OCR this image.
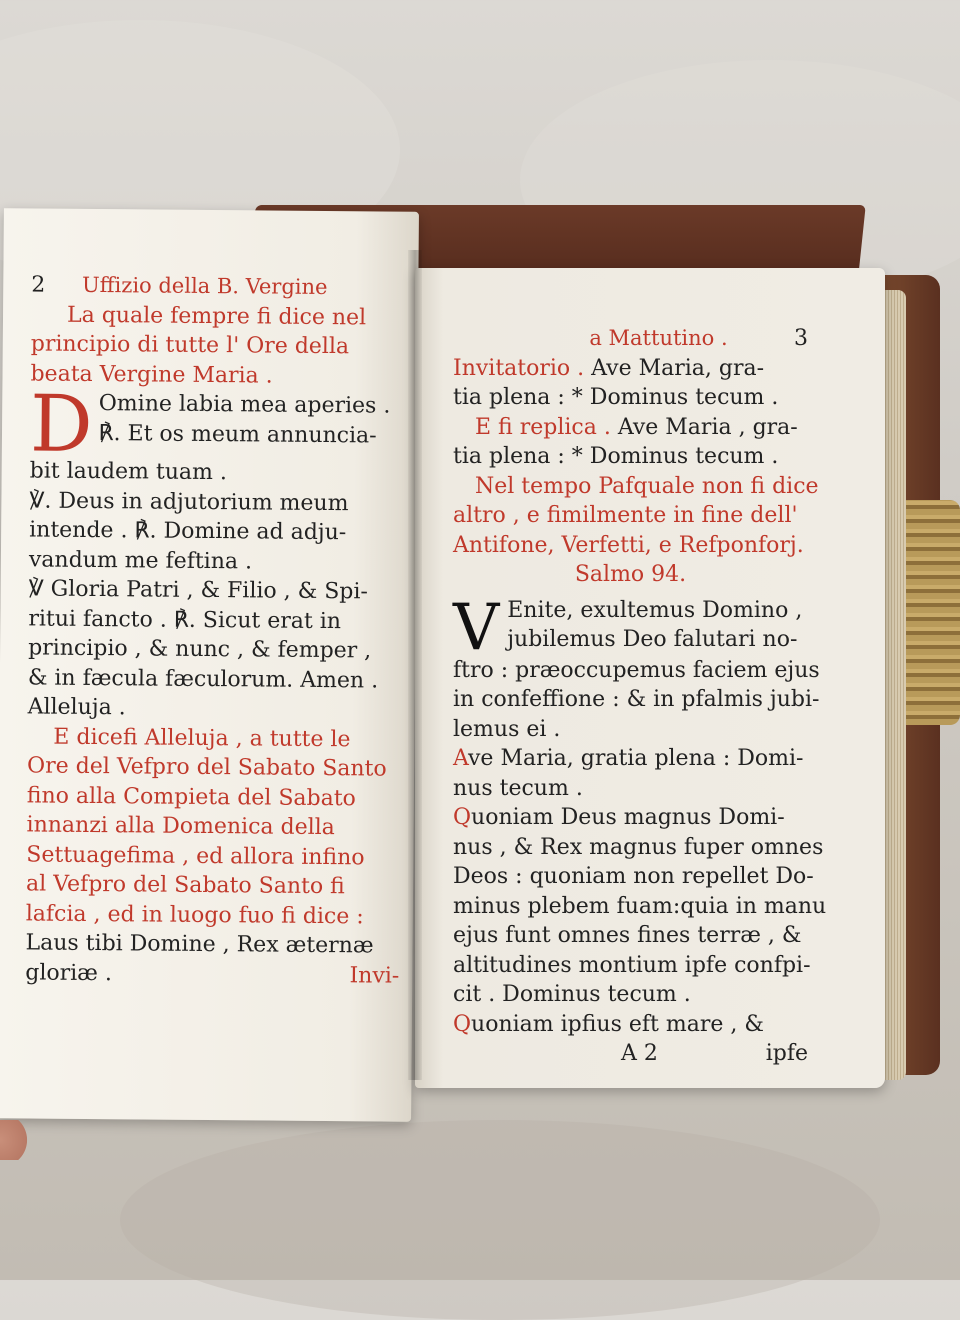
2 Uffizio della B. Vergine
La quale fempre fi dice nel
principio di tutte l' Ore della
beata Vergine Maria .
D Omine labia mea aperies .
℟. Et os meum annuncia-
bit laudem tuam .
℣. Deus in adjutorium meum
intende . ℟. Domine ad adju-
vandum me feftina .
℣ Gloria Patri , & Filio , & Spi-
ritui fancto . ℟. Sicut erat in
principio , & nunc , & femper ,
& in fæcula fæculorum. Amen .
Alleluja .
E dicefi Alleluja , a tutte le
Ore del Vefpro del Sabato Santo
fino alla Compieta del Sabato
innanzi alla Domenica della
Settuagefima , ed allora infino
al Vefpro del Sabato Santo fi
lafcia , ed in luogo fuo fi dice :
Laus tibi Domine , Rex æternæ
gloriæ .	Invi-
a Mattutino .	3
Invitatorio . Ave Maria, gra-
tia plena : * Dominus tecum .
E fi replica . Ave Maria , gra-
tia plena : * Dominus tecum .
Nel tempo Pafquale non fi dice
altro , e fimilmente in fine dell'
Antifone, Verfetti, e Refponforj.
Salmo 94.
V Enite, exultemus Domino ,
jubilemus Deo falutari no-
ftro : præoccupemus faciem ejus
in confeffione : & in pfalmis jubi-
lemus ei .
Ave Maria, gratia plena : Domi-
nus tecum .
Quoniam Deus magnus Domi-
nus , & Rex magnus fuper omnes
Deos : quoniam non repellet Do-
minus plebem fuam:quia in manu
ejus funt omnes fines terræ , &
altitudines montium ipfe confpi-
cit . Dominus tecum .
Quoniam ipfius eft mare , &
A 2	ipfe
